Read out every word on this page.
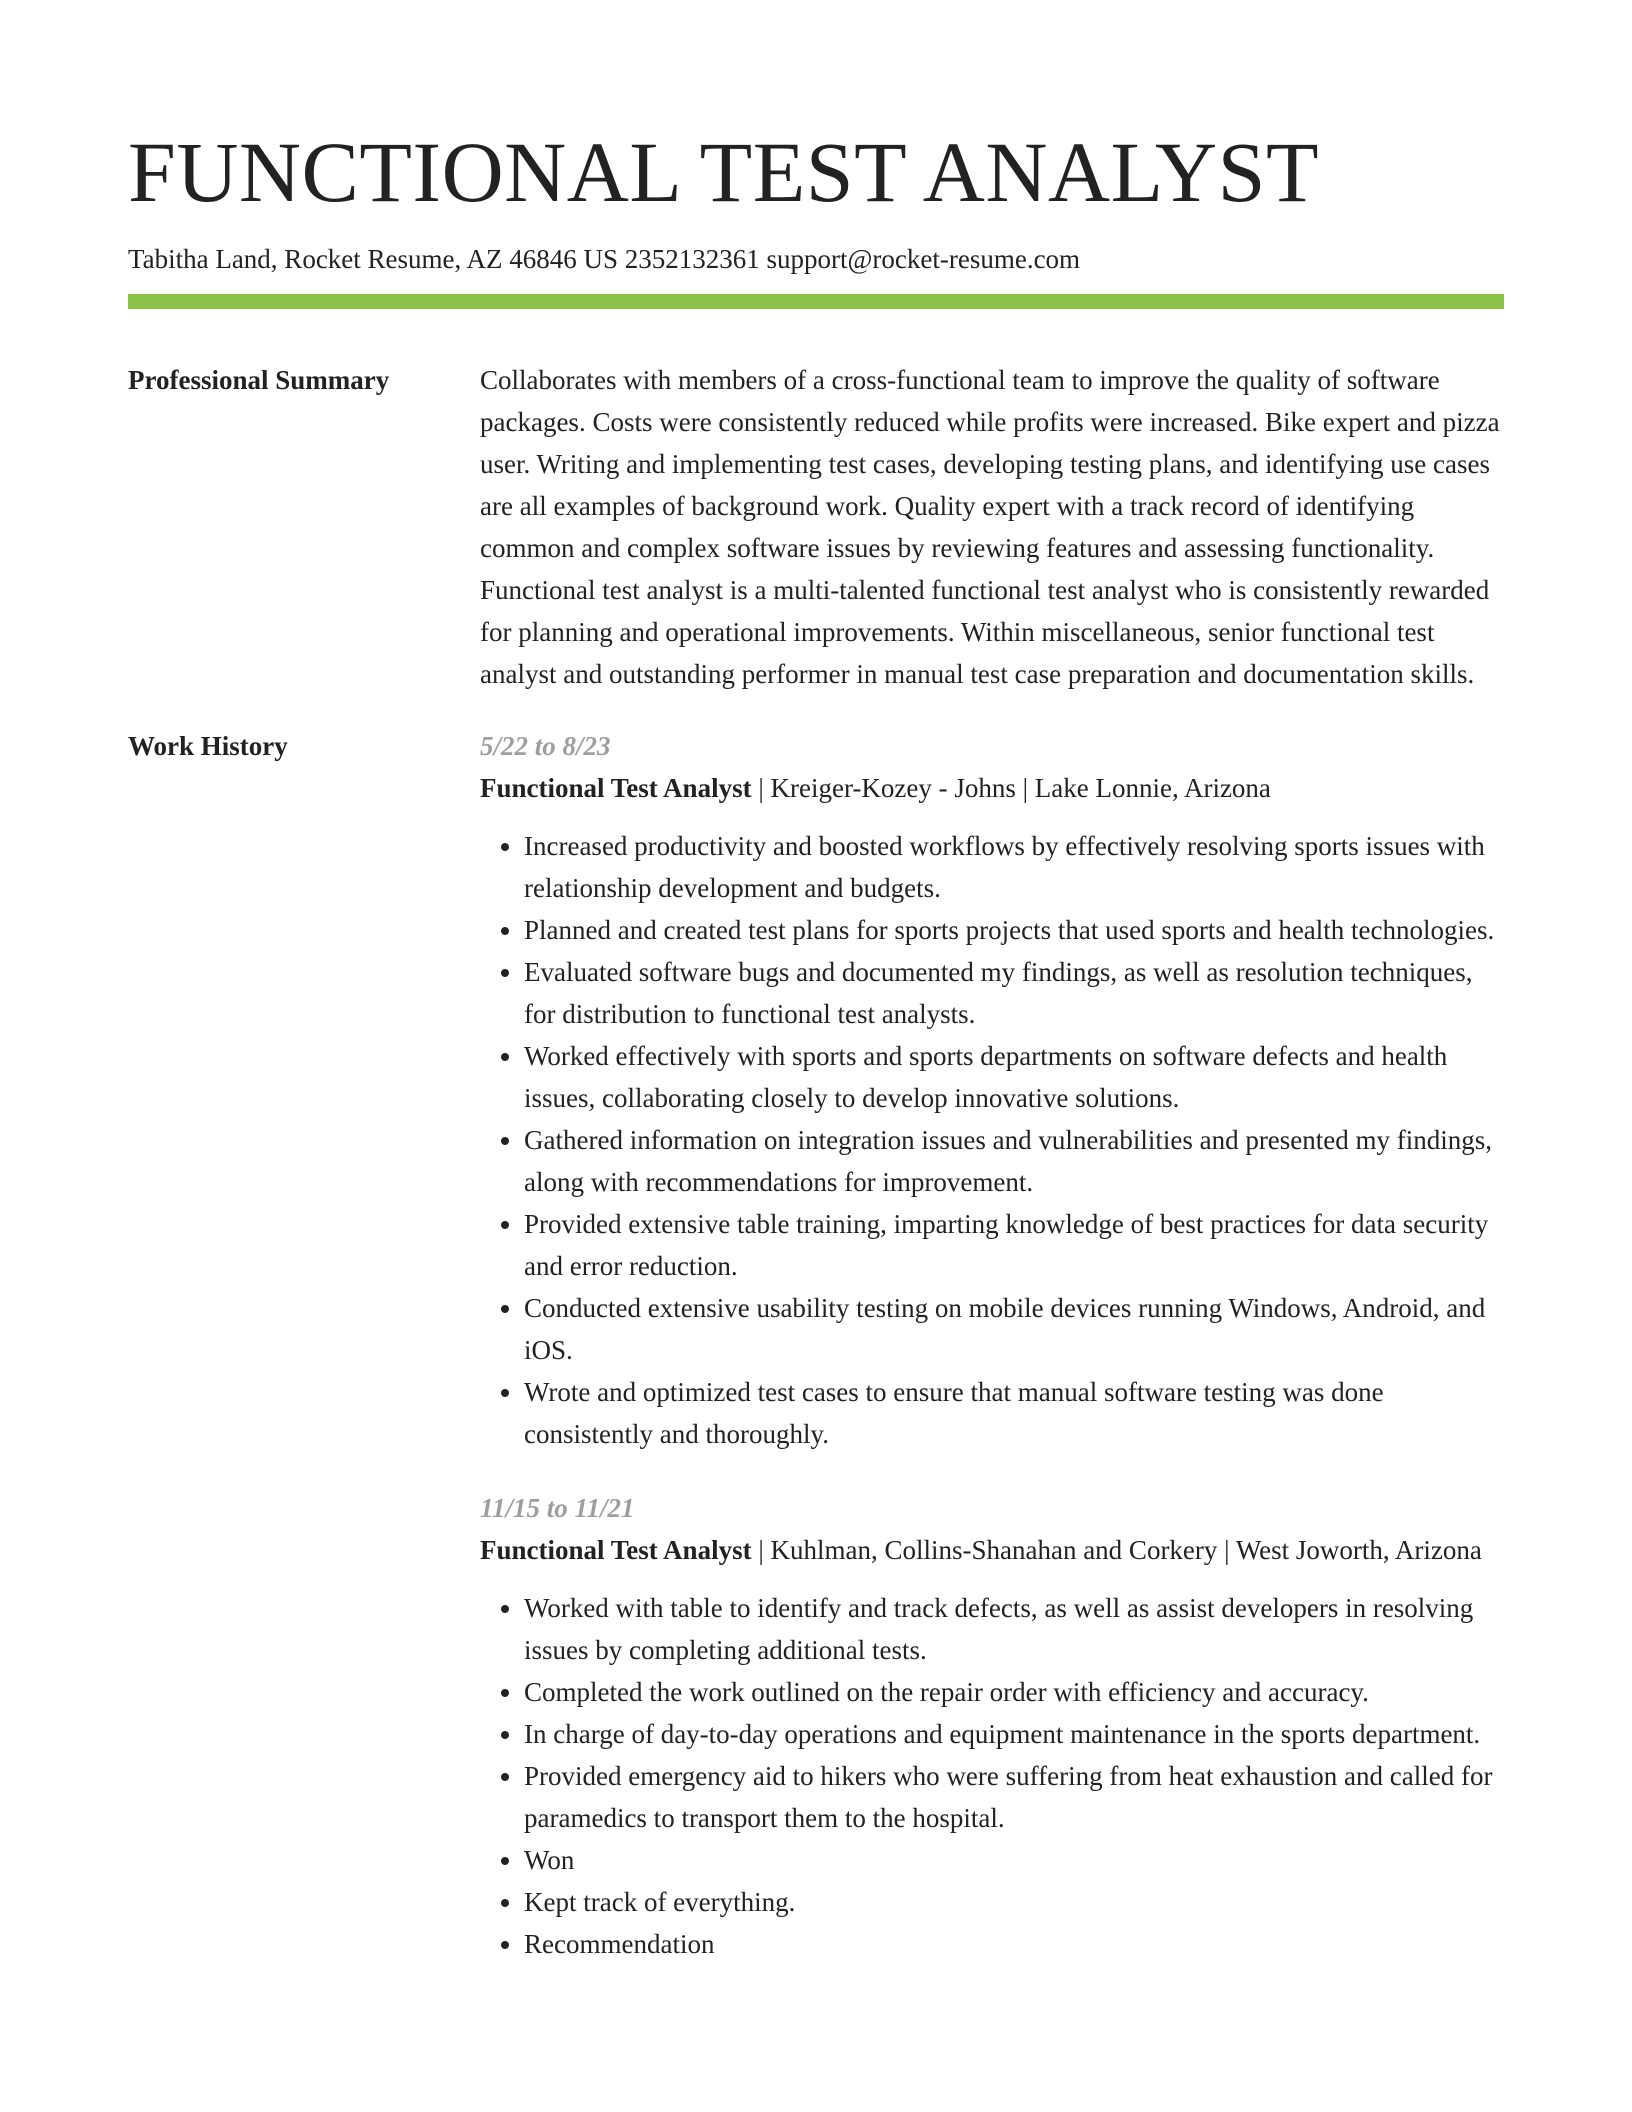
FUNCTIONAL TEST ANALYST
Tabitha Land, Rocket Resume, AZ 46846 US 2352132361 support@rocket-resume.com
Professional Summary	Collaborates with members of a cross-functional team to improve the quality of software packages. Costs were consistently reduced while profits were increased. Bike expert and pizza user. Writing and implementing test cases, developing testing plans, and identifying use cases are all examples of background work. Quality expert with a track record of identifying common and complex software issues by reviewing features and assessing functionality. Functional test analyst is a multi-talented functional test analyst who is consistently rewarded for planning and operational improvements. Within miscellaneous, senior functional test analyst and outstanding performer in manual test case preparation and documentation skills.

Work History	5/22 to 8/23
Functional Test Analyst | Kreiger-Kozey - Johns | Lake Lonnie, Arizona
• Increased productivity and boosted workflows by effectively resolving sports issues with relationship development and budgets.
• Planned and created test plans for sports projects that used sports and health technologies.
• Evaluated software bugs and documented my findings, as well as resolution techniques, for distribution to functional test analysts.
• Worked effectively with sports and sports departments on software defects and health issues, collaborating closely to develop innovative solutions.
• Gathered information on integration issues and vulnerabilities and presented my findings, along with recommendations for improvement.
• Provided extensive table training, imparting knowledge of best practices for data security and error reduction.
• Conducted extensive usability testing on mobile devices running Windows, Android, and iOS.
• Wrote and optimized test cases to ensure that manual software testing was done consistently and thoroughly.
11/15 to 11/21
Functional Test Analyst | Kuhlman, Collins-Shanahan and Corkery | West Joworth, Arizona
• Worked with table to identify and track defects, as well as assist developers in resolving issues by completing additional tests.
• Completed the work outlined on the repair order with efficiency and accuracy.
• In charge of day-to-day operations and equipment maintenance in the sports department.
• Provided emergency aid to hikers who were suffering from heat exhaustion and called for paramedics to transport them to the hospital.
• Won
• Kept track of everything.
• Recommendation
